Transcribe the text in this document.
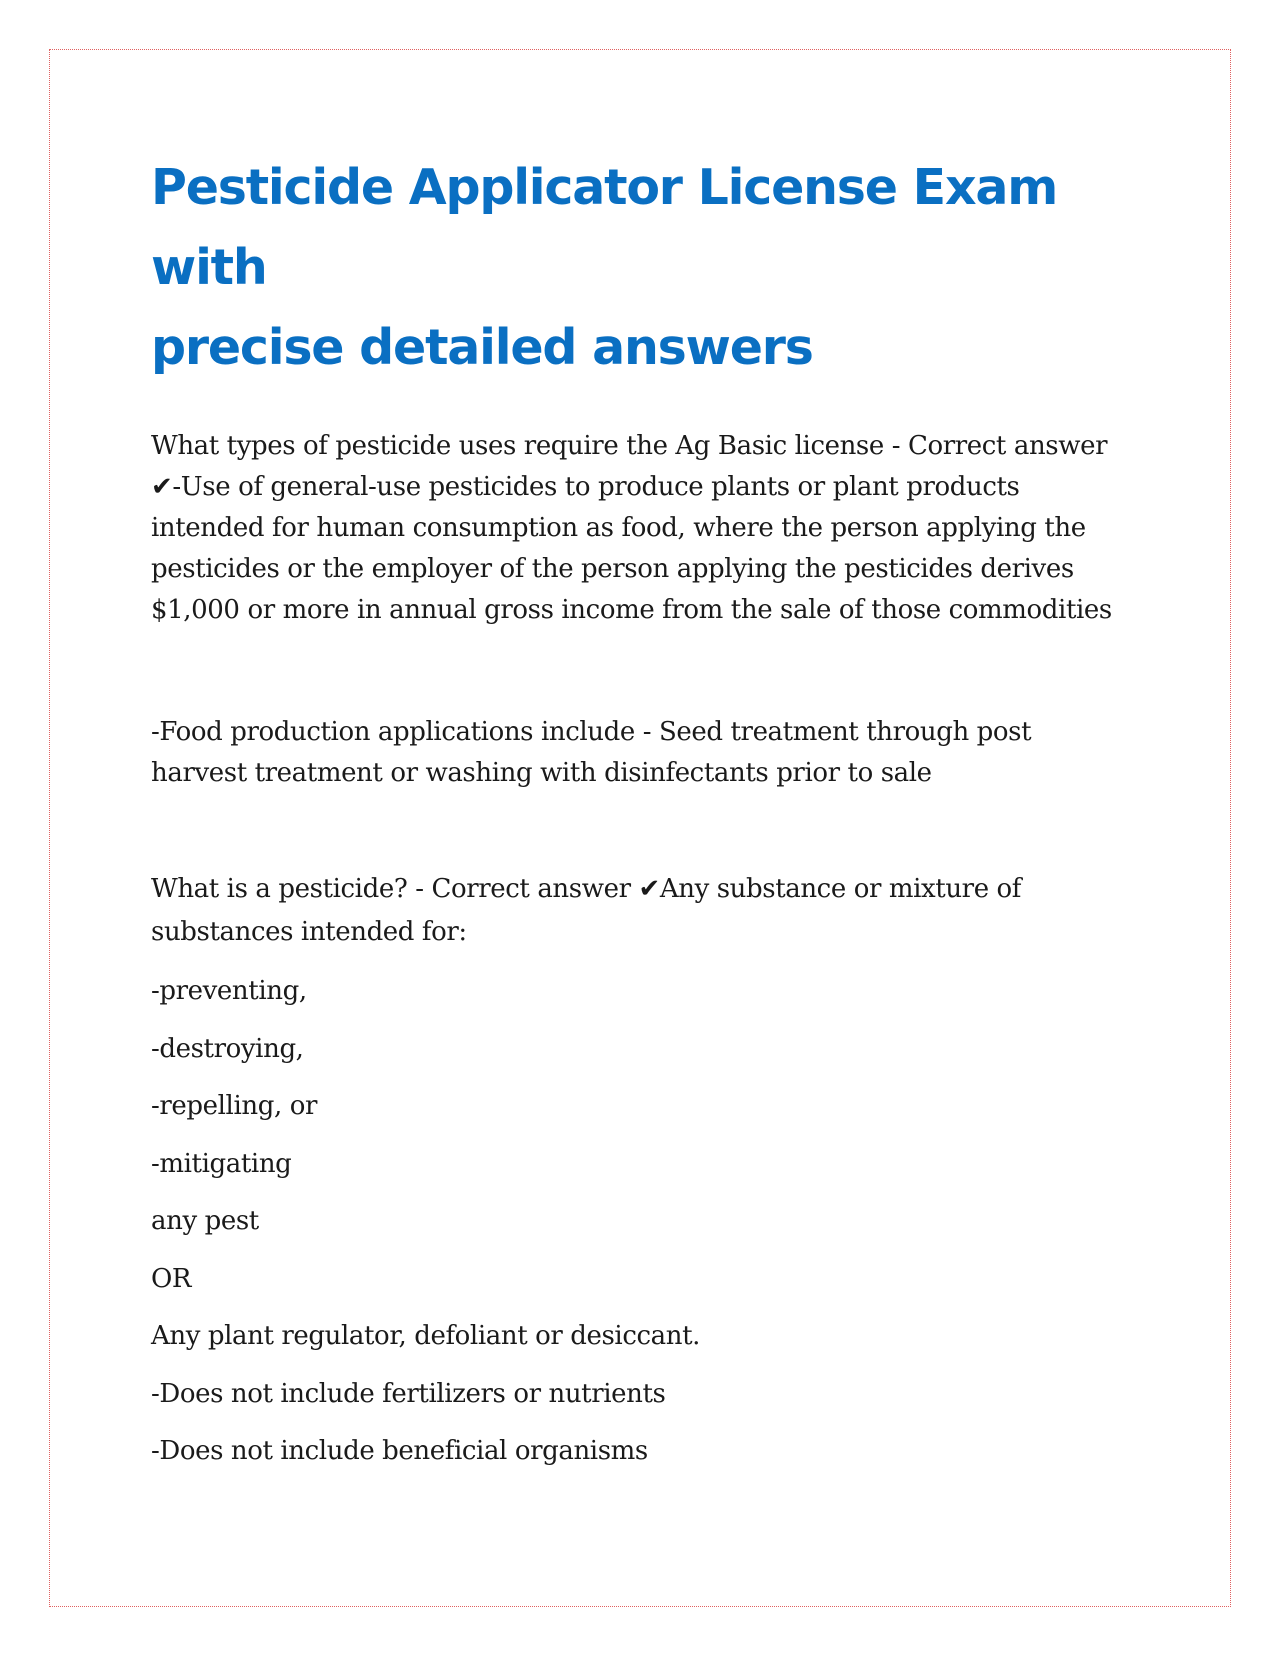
Pesticide Applicator License Exam with
precise detailed answers

What types of pesticide uses require the Ag Basic license - Correct answer
✔-Use of general-use pesticides to produce plants or plant products
intended for human consumption as food, where the person applying the
pesticides or the employer of the person applying the pesticides derives
$1,000 or more in annual gross income from the sale of those commodities

-Food production applications include - Seed treatment through post
harvest treatment or washing with disinfectants prior to sale

What is a pesticide? - Correct answer ✔Any substance or mixture of
substances intended for:

-preventing,
-destroying,
-repelling, or
-mitigating
any pest
OR
Any plant regulator, defoliant or desiccant.
-Does not include fertilizers or nutrients
-Does not include beneficial organisms
